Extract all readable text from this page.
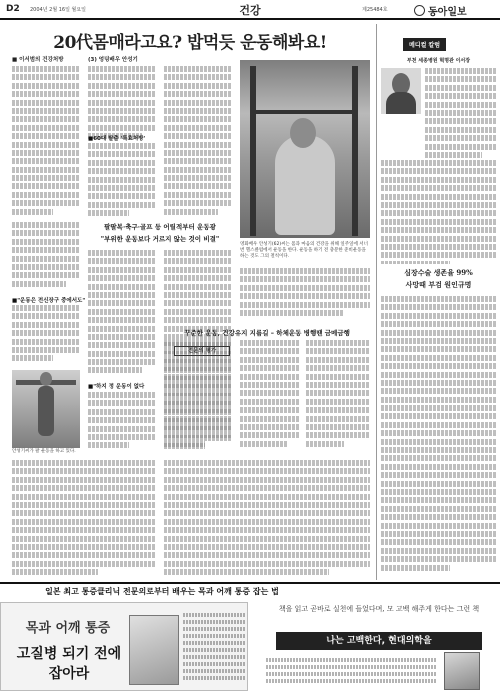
D2 2004년 2월 16일 월요일	건강	제25484호	동아일보
20代몸매라고요? 밥먹듯 운동해봐요!
■ 이서범의 건강처방	(3) 엉덩배우 안성기
■60대 탈출 '특효처방'
팔팔복·축구·골프 등 어릴적부터 운동광
"부위한 운동보다 거르지 않는 것이 비결"
■"운동은 전신장구 중에서도"
안성기씨가 팔 운동을 하고 있다.
■"하지 정 운동이 없다
영화배우 안성기(62)씨는 몸과 마음의 건강을 위해 일주일에 서너 번 헬스클럽에서 운동을 한다. 운동을 하기 전 충분한 준비운동을 하는 것도 그의 철칙이다.
꾸준한 운동, 건강유지 지름길 – 하체운동 병행땐 금메금행
전문의 평가
메디컬 칼럼
부천 세종병원 혁명관 이서장
심장수술 생존율 99%
사망때 부검 원인규명
일본 최고 통증클리닉 전문의로부터 배우는 목과 어깨 통증 잡는 법
목과 어깨 통증
고질병 되기 전에 잡아라
책을 읽고 곧바로 실천에 들었다며, 모 고백 해주게 한다는 그런 책
나는 고백한다, 현대의학을
